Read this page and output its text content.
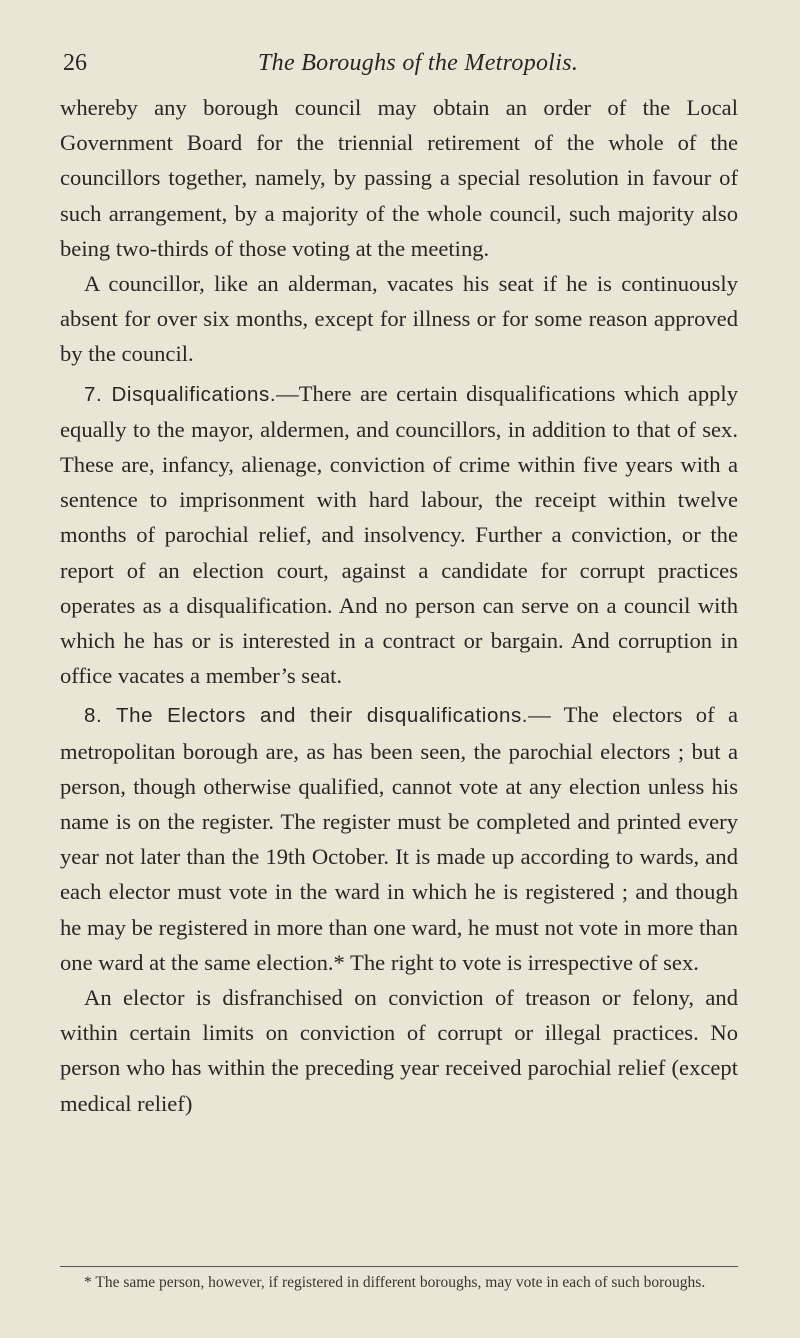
26	The Boroughs of the Metropolis.

whereby any borough council may obtain an order of the Local Government Board for the triennial retirement of the whole of the councillors together, namely, by passing a special resolution in favour of such arrangement, by a majority of the whole council, such majority also being two-thirds of those voting at the meeting.

A councillor, like an alderman, vacates his seat if he is continuously absent for over six months, except for illness or for some reason approved by the council.

7. Disqualifications.—There are certain disqualifications which apply equally to the mayor, aldermen, and councillors, in addition to that of sex. These are, infancy, alienage, conviction of crime within five years with a sentence to imprisonment with hard labour, the receipt within twelve months of parochial relief, and insolvency. Further a conviction, or the report of an election court, against a candidate for corrupt practices operates as a disqualification. And no person can serve on a council with which he has or is interested in a contract or bargain. And corruption in office vacates a member’s seat.

8. The Electors and their disqualifications.— The electors of a metropolitan borough are, as has been seen, the parochial electors ; but a person, though otherwise qualified, cannot vote at any election unless his name is on the register. The register must be completed and printed every year not later than the 19th October. It is made up according to wards, and each elector must vote in the ward in which he is registered ; and though he may be registered in more than one ward, he must not vote in more than one ward at the same election.* The right to vote is irrespective of sex.

An elector is disfranchised on conviction of treason or felony, and within certain limits on conviction of corrupt or illegal practices. No person who has within the preceding year received parochial relief (except medical relief)

* The same person, however, if registered in different boroughs, may vote in each of such boroughs.
